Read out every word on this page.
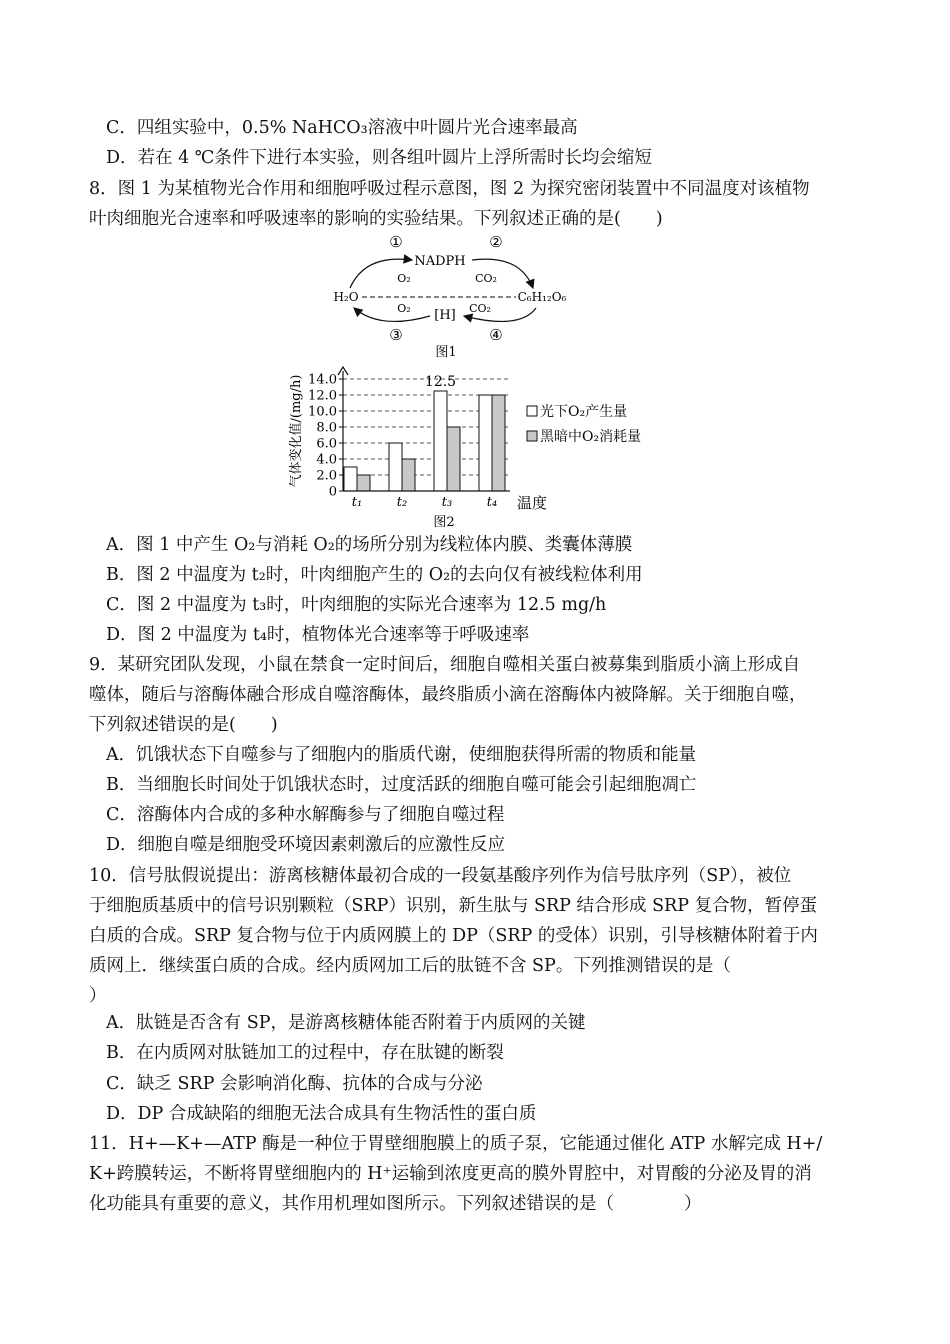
C．四组实验中，0.5% NaHCO₃溶液中叶圆片光合速率最高
D．若在 4 ℃条件下进行本实验，则各组叶圆片上浮所需时长均会缩短
8．图 1 为某植物光合作用和细胞呼吸过程示意图，图 2 为探究密闭装置中不同温度对该植物
叶肉细胞光合速率和呼吸速率的影响的实验结果。下列叙述正确的是(　　)
①	②
NADPH
O₂	CO₂
H₂O	C₆H₁₂O₆
O₂	CO₂
[H]
③	④
图1
0
2.0
4.0
6.0
8.0
10.0
12.0
14.0
t₁	t₂	t₃	t₄
气体变化值/(mg/h)
温度
12.5
光下O₂产生量
黑暗中O₂消耗量
图2
A．图 1 中产生 O₂与消耗 O₂的场所分别为线粒体内膜、类囊体薄膜
B．图 2 中温度为 t₂时，叶肉细胞产生的 O₂的去向仅有被线粒体利用
C．图 2 中温度为 t₃时，叶肉细胞的实际光合速率为 12.5 mg/h
D．图 2 中温度为 t₄时，植物体光合速率等于呼吸速率
9．某研究团队发现，小鼠在禁食一定时间后，细胞自噬相关蛋白被募集到脂质小滴上形成自
噬体，随后与溶酶体融合形成自噬溶酶体，最终脂质小滴在溶酶体内被降解。关于细胞自噬，
下列叙述错误的是(　　)
A．饥饿状态下自噬参与了细胞内的脂质代谢，使细胞获得所需的物质和能量
B．当细胞长时间处于饥饿状态时，过度活跃的细胞自噬可能会引起细胞凋亡
C．溶酶体内合成的多种水解酶参与了细胞自噬过程
D．细胞自噬是细胞受环境因素刺激后的应激性反应
10．信号肽假说提出：游离核糖体最初合成的一段氨基酸序列作为信号肽序列（SP），被位
于细胞质基质中的信号识别颗粒（SRP）识别，新生肽与 SRP 结合形成 SRP 复合物，暂停蛋
白质的合成。SRP 复合物与位于内质网膜上的 DP（SRP 的受体）识别，引导核糖体附着于内
质网上．继续蛋白质的合成。经内质网加工后的肽链不含 SP。下列推测错误的是（
）
A．肽链是否含有 SP，是游离核糖体能否附着于内质网的关键
B．在内质网对肽链加工的过程中，存在肽键的断裂
C．缺乏 SRP 会影响消化酶、抗体的合成与分泌
D．DP 合成缺陷的细胞无法合成具有生物活性的蛋白质
11．H+—K+—ATP 酶是一种位于胃壁细胞膜上的质子泵，它能通过催化 ATP 水解完成 H+/
K+跨膜转运，不断将胃壁细胞内的 H⁺运输到浓度更高的膜外胃腔中，对胃酸的分泌及胃的消
化功能具有重要的意义，其作用机理如图所示。下列叙述错误的是（　　　　）
